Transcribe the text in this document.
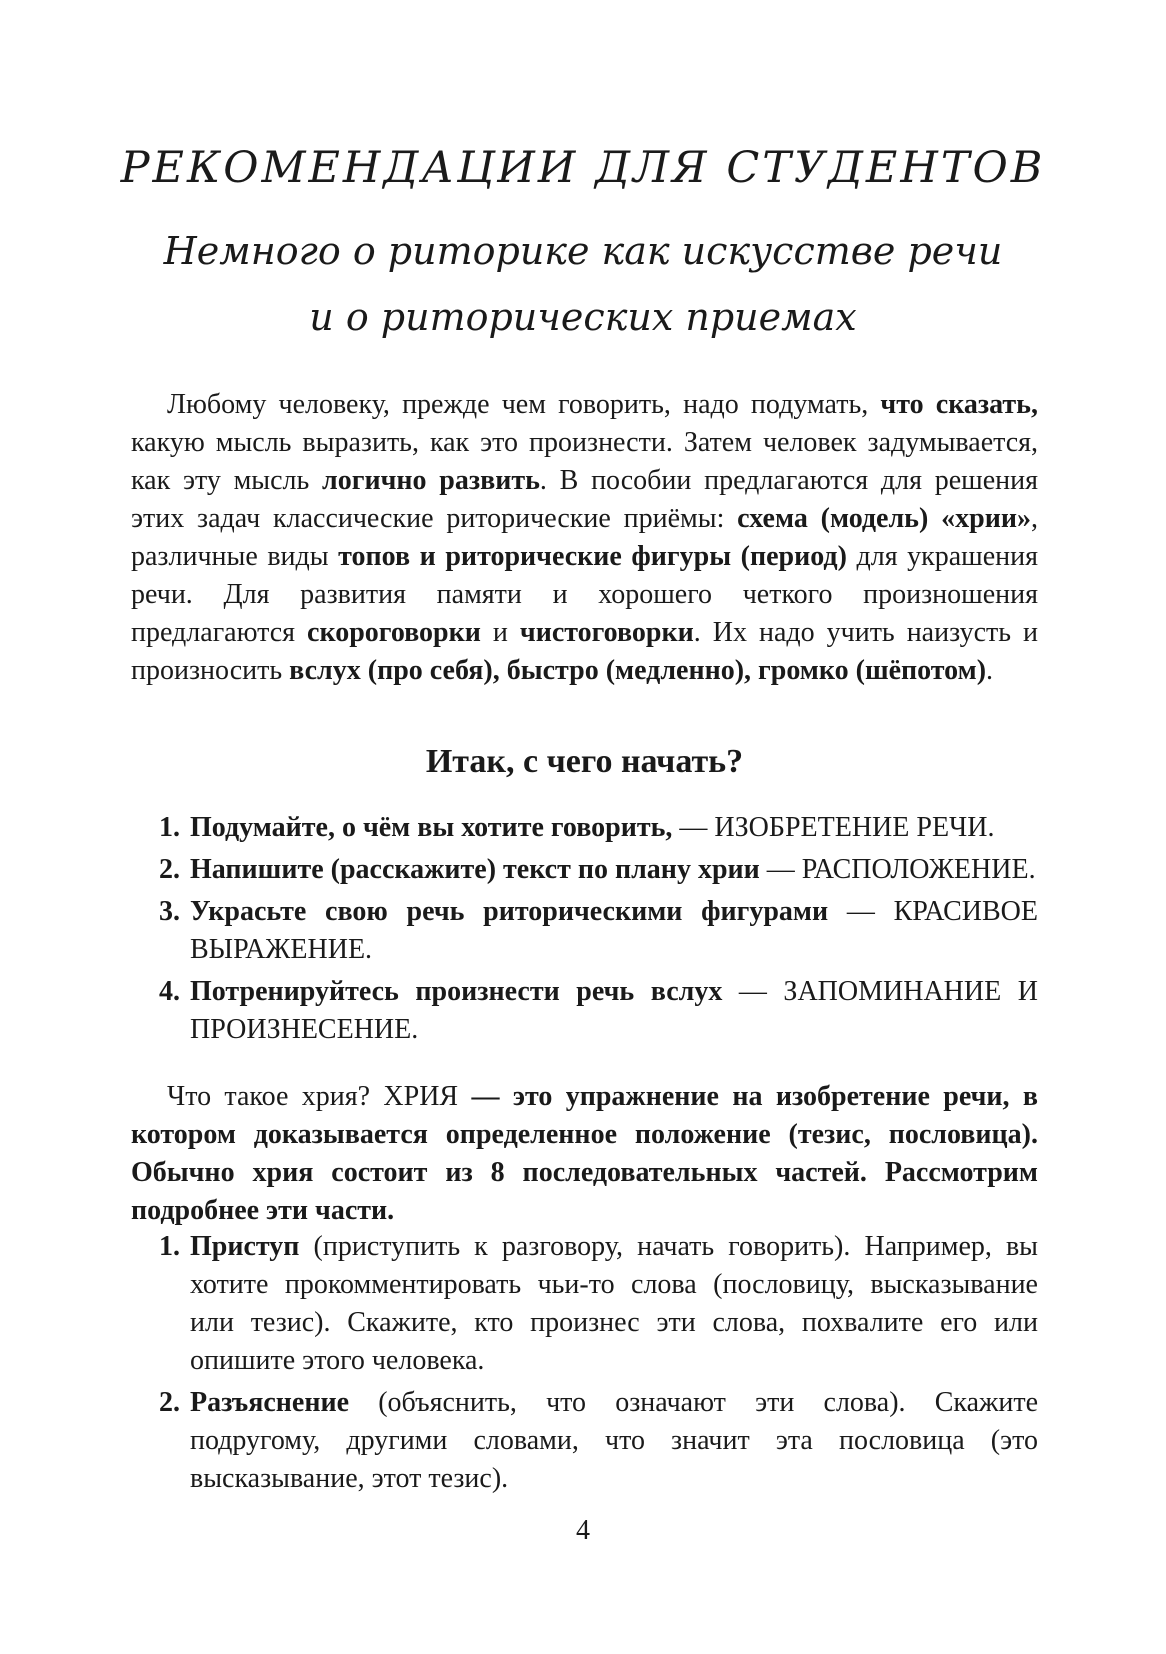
РЕКОМЕНДАЦИИ ДЛЯ СТУДЕНТОВ
Немного о риторике как искусстве речи
и о риторических приемах

Любому человеку, прежде чем говорить, надо подумать, что сказать, какую мысль выразить, как это произнести. Затем человек задумывается, как эту мысль логично развить. В пособии предлагаются для решения этих задач классические риторические приёмы: схема (модель) «хрии», различные виды топов и риторические фигуры (период) для украшения речи. Для развития памяти и хорошего четкого произношения предлагаются скороговорки и чистоговорки. Их надо учить наизусть и произносить вслух (про себя), быстро (медленно), громко (шёпотом).

Итак, с чего начать?

1. Подумайте, о чём вы хотите говорить, — ИЗОБРЕТЕНИЕ РЕЧИ.

2. Напишите (расскажите) текст по плану хрии — РАСПОЛОЖЕНИЕ.

3. Украсьте свою речь риторическими фигурами — КРАСИВОЕ ВЫРАЖЕНИЕ.

4. Потренируйтесь произнести речь вслух — ЗАПОМИНАНИЕ И ПРОИЗНЕСЕНИЕ.

Что такое хрия? ХРИЯ — это упражнение на изобретение речи, в котором доказывается определенное положение (тезис, пословица). Обычно хрия состоит из 8 последовательных частей. Рассмотрим подробнее эти части.

1. Приступ (приступить к разговору, начать говорить). Например, вы хотите прокомментировать чьи-то слова (пословицу, высказывание или тезис). Скажите, кто произнес эти слова, похвалите его или опишите этого человека.

2. Разъяснение (объяснить, что означают эти слова). Скажите подругому, другими словами, что значит эта пословица (это высказывание, этот тезис).

4
